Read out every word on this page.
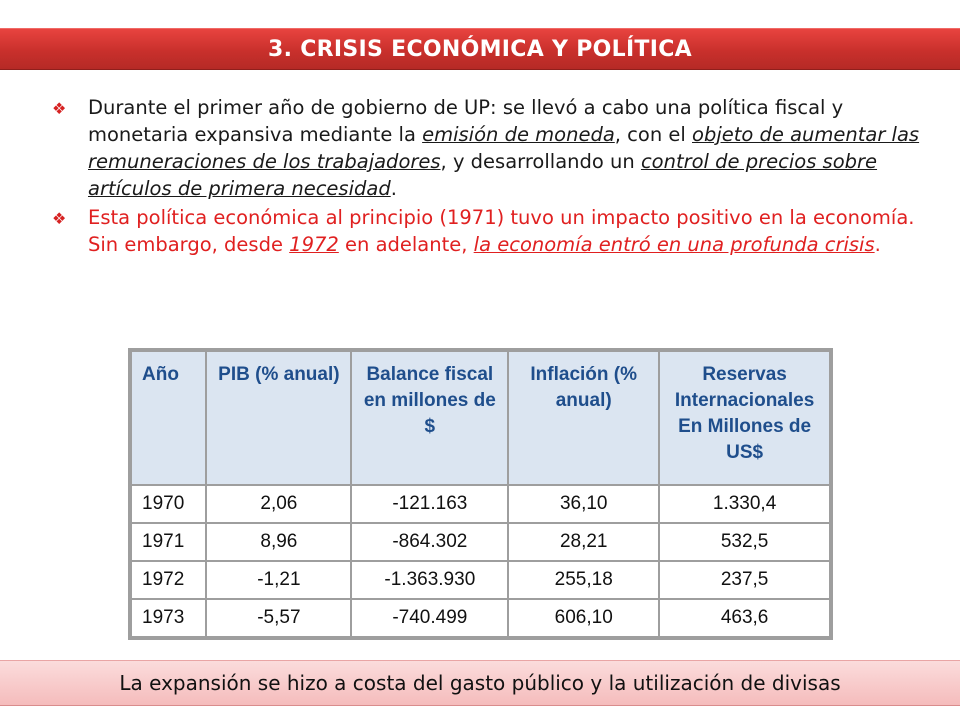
3. CRISIS ECONÓMICA Y POLÍTICA
❖	Durante el primer año de gobierno de UP: se llevó a cabo una política fiscal y monetaria expansiva mediante la emisión de moneda, con el objeto de aumentar las remuneraciones de los trabajadores, y desarrollando un control de precios sobre artículos de primera necesidad.
❖	Esta política económica al principio (1971) tuvo un impacto positivo en la economía. Sin embargo, desde 1972 en adelante, la economía entró en una profunda crisis.
Año	PIB (% anual)	Balance fiscal en millones de $	Inflación (% anual)	Reservas Internacionales En Millones de US$
1970	2,06	-121.163	36,10	1.330,4
1971	8,96	-864.302	28,21	532,5
1972	-1,21	-1.363.930	255,18	237,5
1973	-5,57	-740.499	606,10	463,6
La expansión se hizo a costa del gasto público y la utilización de divisas
